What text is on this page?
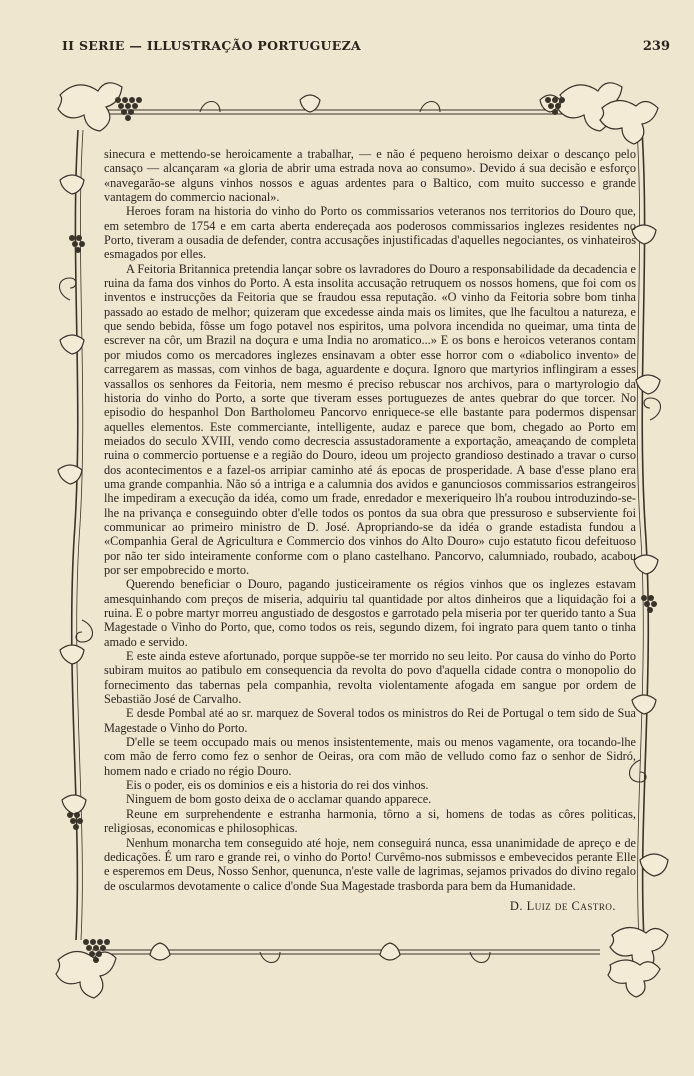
II SERIE — ILLUSTRAÇÃO PORTUGUEZA	239

sinecura e mettendo-se heroicamente a trabalhar, — e não é pequeno heroismo deixar o descanço pelo cansaço — alcançaram «a gloria de abrir uma estrada nova ao consumo». Devido á sua decisão e esforço «navegarão-se alguns vinhos nossos e aguas ardentes para o Baltico, com muito successo e grande vantagem do commercio nacional».

Heroes foram na historia do vinho do Porto os commissarios veteranos nos territorios do Douro que, em setembro de 1754 e em carta aberta endereçada aos poderosos commissarios inglezes residentes no Porto, tiveram a ousadia de defender, contra accusações injustificadas d'aquelles negociantes, os vinhateiros esmagados por elles.

A Feitoria Britannica pretendia lançar sobre os lavradores do Douro a responsabilidade da decadencia e ruina da fama dos vinhos do Porto. A esta insolita accusação retruquem os nossos homens, que foi com os inventos e instrucções da Feitoria que se fraudou essa reputação. «O vinho da Feitoria sobre bom tinha passado ao estado de melhor; quizeram que excedesse ainda mais os limites, que lhe facultou a natureza, e que sendo bebida, fôsse um fogo potavel nos espiritos, uma polvora incendida no queimar, uma tinta de escrever na côr, um Brazil na doçura e uma India no aromatico...» E os bons e heroicos veteranos contam por miudos como os mercadores inglezes ensinavam a obter esse horror com o «diabolico invento» de carregarem as massas, com vinhos de baga, aguardente e doçura. Ignoro que martyrios inflingiram a esses vassallos os senhores da Feitoria, nem mesmo é preciso rebuscar nos archivos, para o martyrologio da historia do vinho do Porto, a sorte que tiveram esses portuguezes de antes quebrar do que torcer. No episodio do hespanhol Don Bartholomeu Pancorvo enriquece-se elle bastante para podermos dispensar aquelles elementos. Este commerciante, intelligente, audaz e parece que bom, chegado ao Porto em meiados do seculo XVIII, vendo como decrescia assustadoramente a exportação, ameaçando de completa ruina o commercio portuense e a região do Douro, ideou um projecto grandioso destinado a travar o curso dos acontecimentos e a fazel-os arripiar caminho até ás epocas de prosperidade. A base d'esse plano era uma grande companhia. Não só a intriga e a calumnia dos avidos e ganunciosos commissarios estrangeiros lhe impediram a execução da idéa, como um frade, enredador e mexeriqueiro lh'a roubou introduzindo-se-lhe na privança e conseguindo obter d'elle todos os pontos da sua obra que pressuroso e subserviente foi communicar ao primeiro ministro de D. José. Apropriando-se da idéa o grande estadista fundou a «Companhia Geral de Agricultura e Commercio dos vinhos do Alto Douro» cujo estatuto ficou defeituoso por não ter sido inteiramente conforme com o plano castelhano. Pancorvo, calumniado, roubado, acabou por ser empobrecido e morto.

Querendo beneficiar o Douro, pagando justiceiramente os régios vinhos que os inglezes estavam amesquinhando com preços de miseria, adquiriu tal quantidade por altos dinheiros que a liquidação foi a ruina. E o pobre martyr morreu angustiado de desgostos e garrotado pela miseria por ter querido tanto a Sua Magestade o Vinho do Porto, que, como todos os reis, segundo dizem, foi ingrato para quem tanto o tinha amado e servido.

E este ainda esteve afortunado, porque suppõe-se ter morrido no seu leito. Por causa do vinho do Porto subiram muitos ao patibulo em consequencia da revolta do povo d'aquella cidade contra o monopolio do fornecimento das tabernas pela companhia, revolta violentamente afogada em sangue por ordem de Sebastião José de Carvalho.

E desde Pombal até ao sr. marquez de Soveral todos os ministros do Rei de Portugal o tem sido de Sua Magestade o Vinho do Porto.

D'elle se teem occupado mais ou menos insistentemente, mais ou menos vagamente, ora tocando-lhe com mão de ferro como fez o senhor de Oeiras, ora com mão de velludo como faz o senhor de Sidró, homem nado e criado no régio Douro.

Eis o poder, eis os dominios e eis a historia do rei dos vinhos.

Ninguem de bom gosto deixa de o acclamar quando apparece.

Reune em surprehendente e estranha harmonia, tôrno a si, homens de todas as côres politicas, religiosas, economicas e philosophicas.

Nenhum monarcha tem conseguido até hoje, nem conseguirá nunca, essa unanimidade de apreço e de dedicações. É um raro e grande rei, o vinho do Porto! Curvêmo-nos submissos e embevecidos perante Elle e esperemos em Deus, Nosso Senhor, quenunca, n'este valle de lagrimas, sejamos privados do divino regalo de oscularmos devotamente o calice d'onde Sua Magestade trasborda para bem da Humanidade.

D. Luiz de Castro.
